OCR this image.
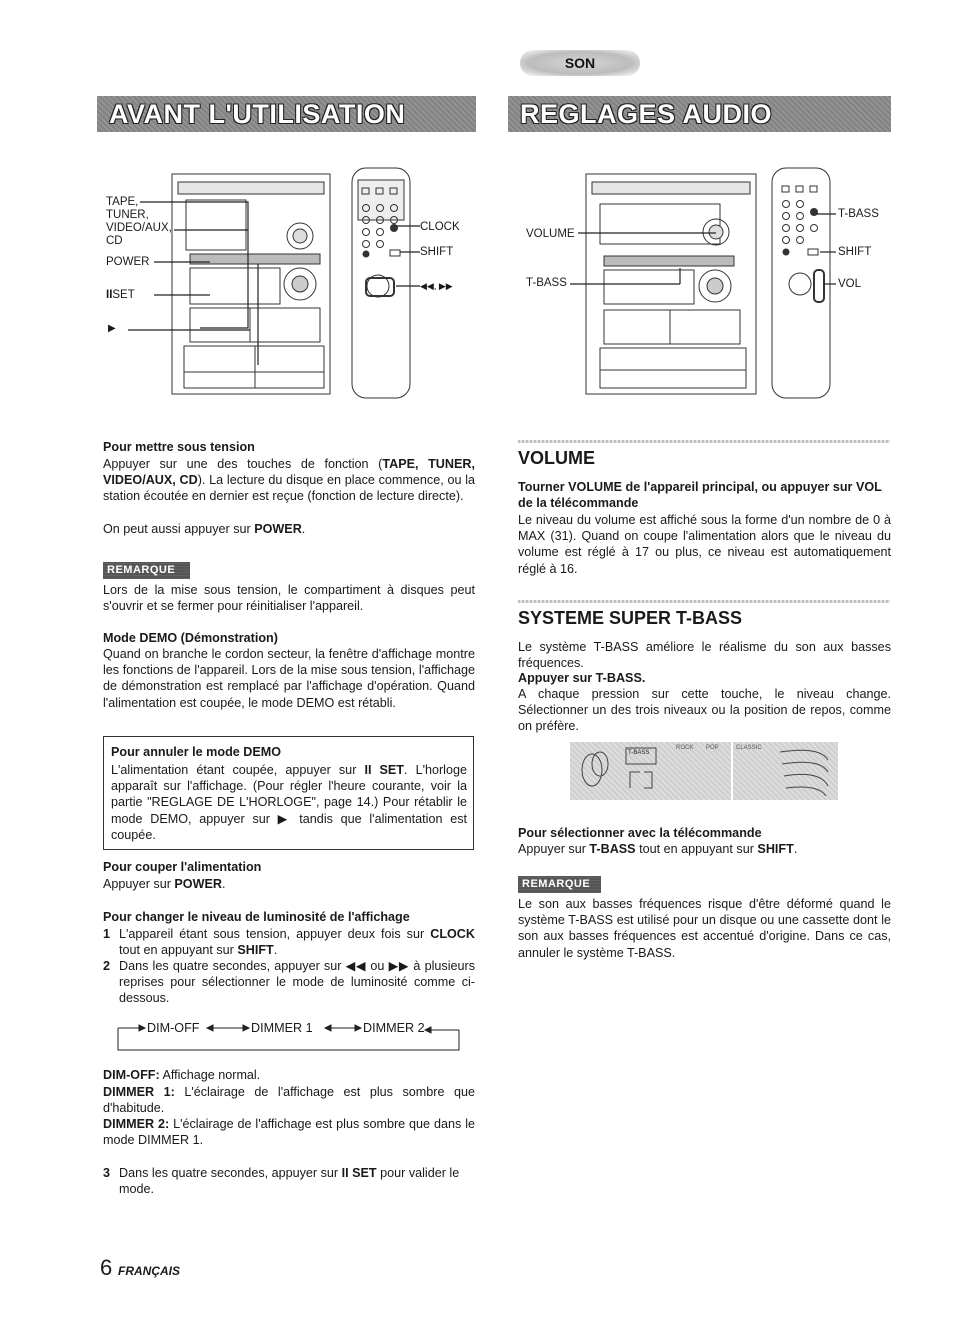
SON
AVANT L'UTILISATION	REGLAGES AUDIO
TAPE,
TUNER,
VIDEO/AUX,
CD
POWER
IISET
▶
CLOCK
SHIFT
◀◀, ▶▶
VOLUME
T-BASS
T-BASS
SHIFT
VOL
Pour mettre sous tension
Appuyer sur une des touches de fonction (TAPE, TUNER, VIDEO/AUX, CD). La lecture du disque en place commence, ou la station écoutée en dernier est reçue (fonction de lecture directe).
On peut aussi appuyer sur POWER.
REMARQUE
Lors de la mise sous tension, le compartiment à disques peut s'ouvrir et se fermer pour réinitialiser l'appareil.
Mode DEMO (Démonstration)
Quand on branche le cordon secteur, la fenêtre d'affichage montre les fonctions de l'appareil. Lors de la mise sous tension, l'affichage de démonstration est remplacé par l'affichage d'opération. Quand l'alimentation est coupée, le mode DEMO est rétabli.
Pour annuler le mode DEMO
L'alimentation étant coupée, appuyer sur II SET. L'horloge apparaît sur l'affichage. (Pour régler l'heure courante, voir la partie "REGLAGE DE L'HORLOGE", page 14.) Pour rétablir le mode DEMO, appuyer sur ▶ tandis que l'alimentation est coupée.
Pour couper l'alimentation
Appuyer sur POWER.
Pour changer le niveau de luminosité de l'affichage
1 L'appareil étant sous tension, appuyer deux fois sur CLOCK tout en appuyant sur SHIFT.
2 Dans les quatre secondes, appuyer sur ◀◀ ou ▶▶ à plusieurs reprises pour sélectionner le mode de luminosité comme ci-dessous.
DIM-OFF	DIMMER 1	DIMMER 2
DIM-OFF: Affichage normal.
DIMMER 1: L'éclairage de l'affichage est plus sombre que d'habitude.
DIMMER 2: L'éclairage de l'affichage est plus sombre que dans le mode DIMMER 1.
3 Dans les quatre secondes, appuyer sur II SET pour valider le mode.
VOLUME
Tourner VOLUME de l'appareil principal, ou appuyer sur VOL de la télécommande
Le niveau du volume est affiché sous la forme d'un nombre de 0 à MAX (31). Quand on coupe l'alimentation alors que le niveau du volume est réglé à 17 ou plus, ce niveau est automatiquement réglé à 16.
SYSTEME SUPER T-BASS
Le système T-BASS améliore le réalisme du son aux basses fréquences.
Appuyer sur T-BASS.
A chaque pression sur cette touche, le niveau change. Sélectionner un des trois niveaux ou la position de repos, comme on préfère.
T-BASS
ROCK POP	CLASSIC
Pour sélectionner avec la télécommande
Appuyer sur T-BASS tout en appuyant sur SHIFT.
REMARQUE
Le son aux basses fréquences risque d'être déformé quand le système T-BASS est utilisé pour un disque ou une cassette dont le son aux basses fréquences est accentué d'origine. Dans ce cas, annuler le système T-BASS.
6 FRANÇAIS
